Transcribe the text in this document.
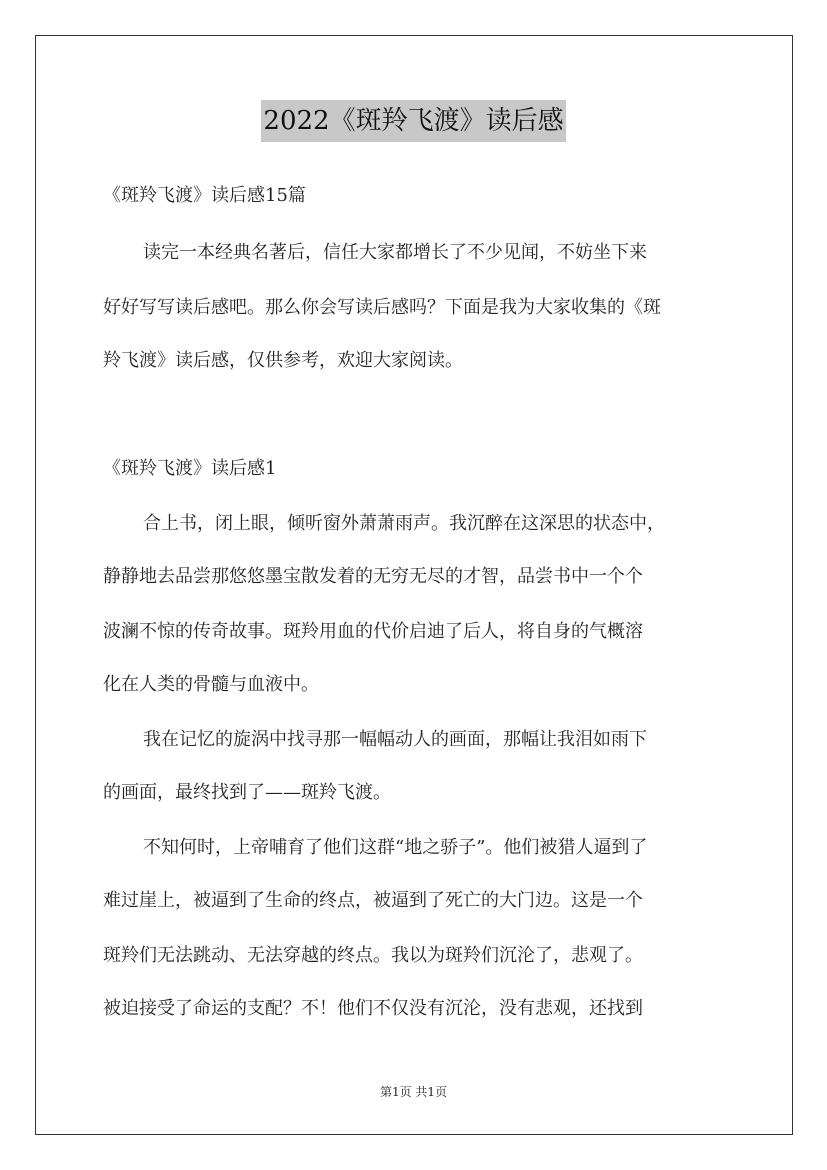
2022《斑羚飞渡》读后感
《斑羚飞渡》读后感15篇
读完一本经典名著后，信任大家都增长了不少见闻，不妨坐下来
好好写写读后感吧。那么你会写读后感吗？下面是我为大家收集的《斑
羚飞渡》读后感，仅供参考，欢迎大家阅读。
《斑羚飞渡》读后感1
合上书，闭上眼，倾听窗外萧萧雨声。我沉醉在这深思的状态中，
静静地去品尝那悠悠墨宝散发着的无穷无尽的才智，品尝书中一个个
波澜不惊的传奇故事。斑羚用血的代价启迪了后人，将自身的气概溶
化在人类的骨髓与血液中。
我在记忆的旋涡中找寻那一幅幅动人的画面，那幅让我泪如雨下
的画面，最终找到了——斑羚飞渡。
不知何时，上帝哺育了他们这群“地之骄子”。他们被猎人逼到了
难过崖上，被逼到了生命的终点，被逼到了死亡的大门边。这是一个
斑羚们无法跳动、无法穿越的终点。我以为斑羚们沉沦了，悲观了。
被迫接受了命运的支配？不！他们不仅没有沉沦，没有悲观，还找到
第1页 共1页
